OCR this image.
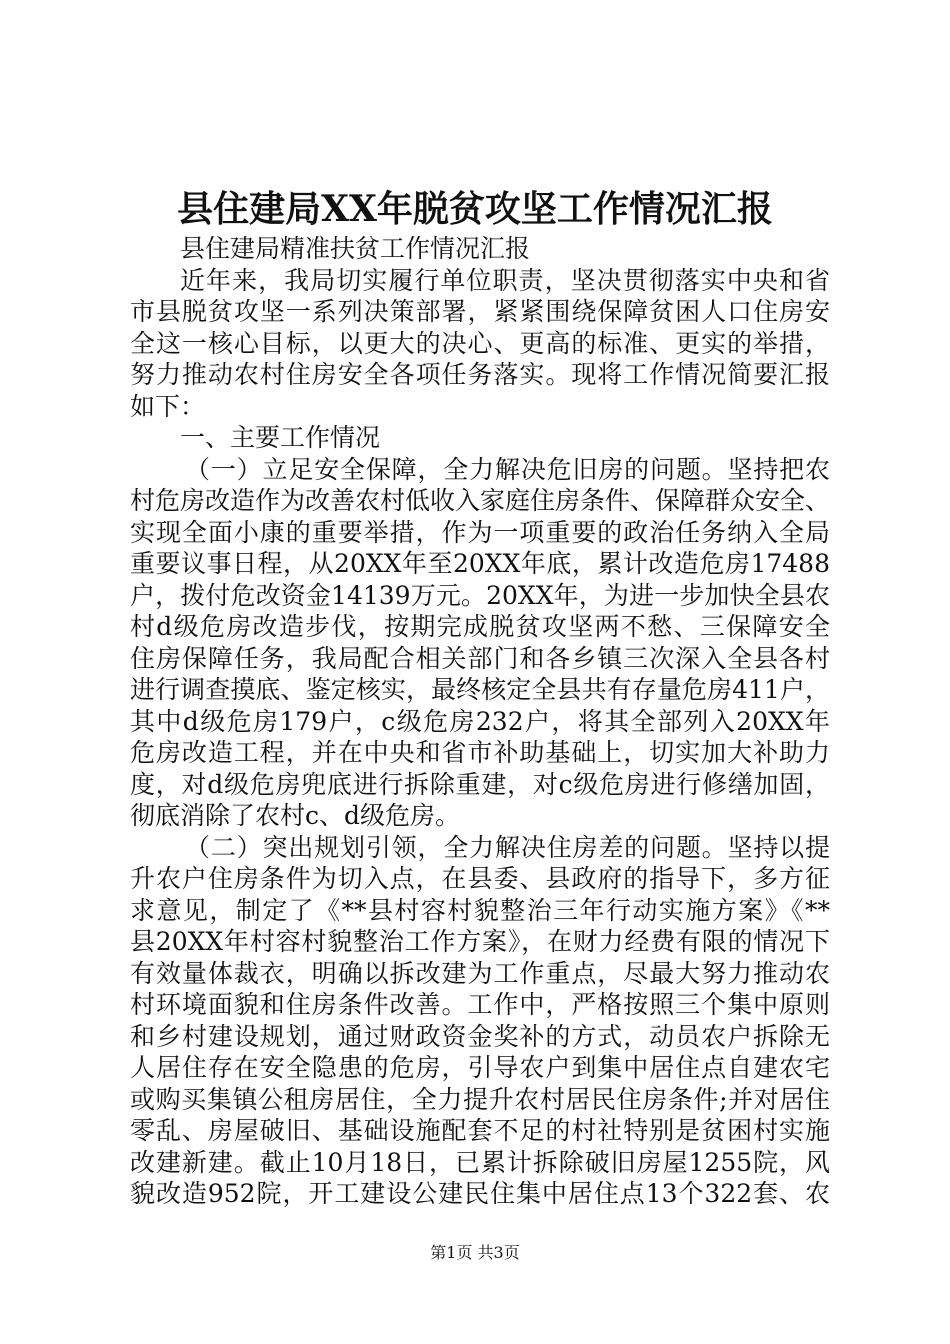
县住建局XX年脱贫攻坚工作情况汇报
县住建局精准扶贫工作情况汇报
近年来，我局切实履行单位职责，坚决贯彻落实中央和省
市县脱贫攻坚一系列决策部署，紧紧围绕保障贫困人口住房安
全这一核心目标，以更大的决心、更高的标准、更实的举措，
努力推动农村住房安全各项任务落实。现将工作情况简要汇报
如下：
一、主要工作情况
（一）立足安全保障，全力解决危旧房的问题。坚持把农
村危房改造作为改善农村低收入家庭住房条件、保障群众安全、
实现全面小康的重要举措，作为一项重要的政治任务纳入全局
重要议事日程，从20XX年至20XX年底，累计改造危房17488
户，拨付危改资金14139万元。20XX年，为进一步加快全县农
村d级危房改造步伐，按期完成脱贫攻坚两不愁、三保障安全
住房保障任务，我局配合相关部门和各乡镇三次深入全县各村
进行调查摸底、鉴定核实，最终核定全县共有存量危房411户，
其中d级危房179户，c级危房232户，将其全部列入20XX年
危房改造工程，并在中央和省市补助基础上，切实加大补助力
度，对d级危房兜底进行拆除重建，对c级危房进行修缮加固，
彻底消除了农村c、d级危房。
（二）突出规划引领，全力解决住房差的问题。坚持以提
升农户住房条件为切入点，在县委、县政府的指导下，多方征
求意见，制定了《**县村容村貌整治三年行动实施方案》《**
县20XX年村容村貌整治工作方案》，在财力经费有限的情况下
有效量体裁衣，明确以拆改建为工作重点，尽最大努力推动农
村环境面貌和住房条件改善。工作中，严格按照三个集中原则
和乡村建设规划，通过财政资金奖补的方式，动员农户拆除无
人居住存在安全隐患的危房，引导农户到集中居住点自建农宅
或购买集镇公租房居住，全力提升农村居民住房条件;并对居住
零乱、房屋破旧、基础设施配套不足的村社特别是贫困村实施
改建新建。截止10月18日，已累计拆除破旧房屋1255院，风
貌改造952院，开工建设公建民住集中居住点13个322套、农
第1页 共3页
